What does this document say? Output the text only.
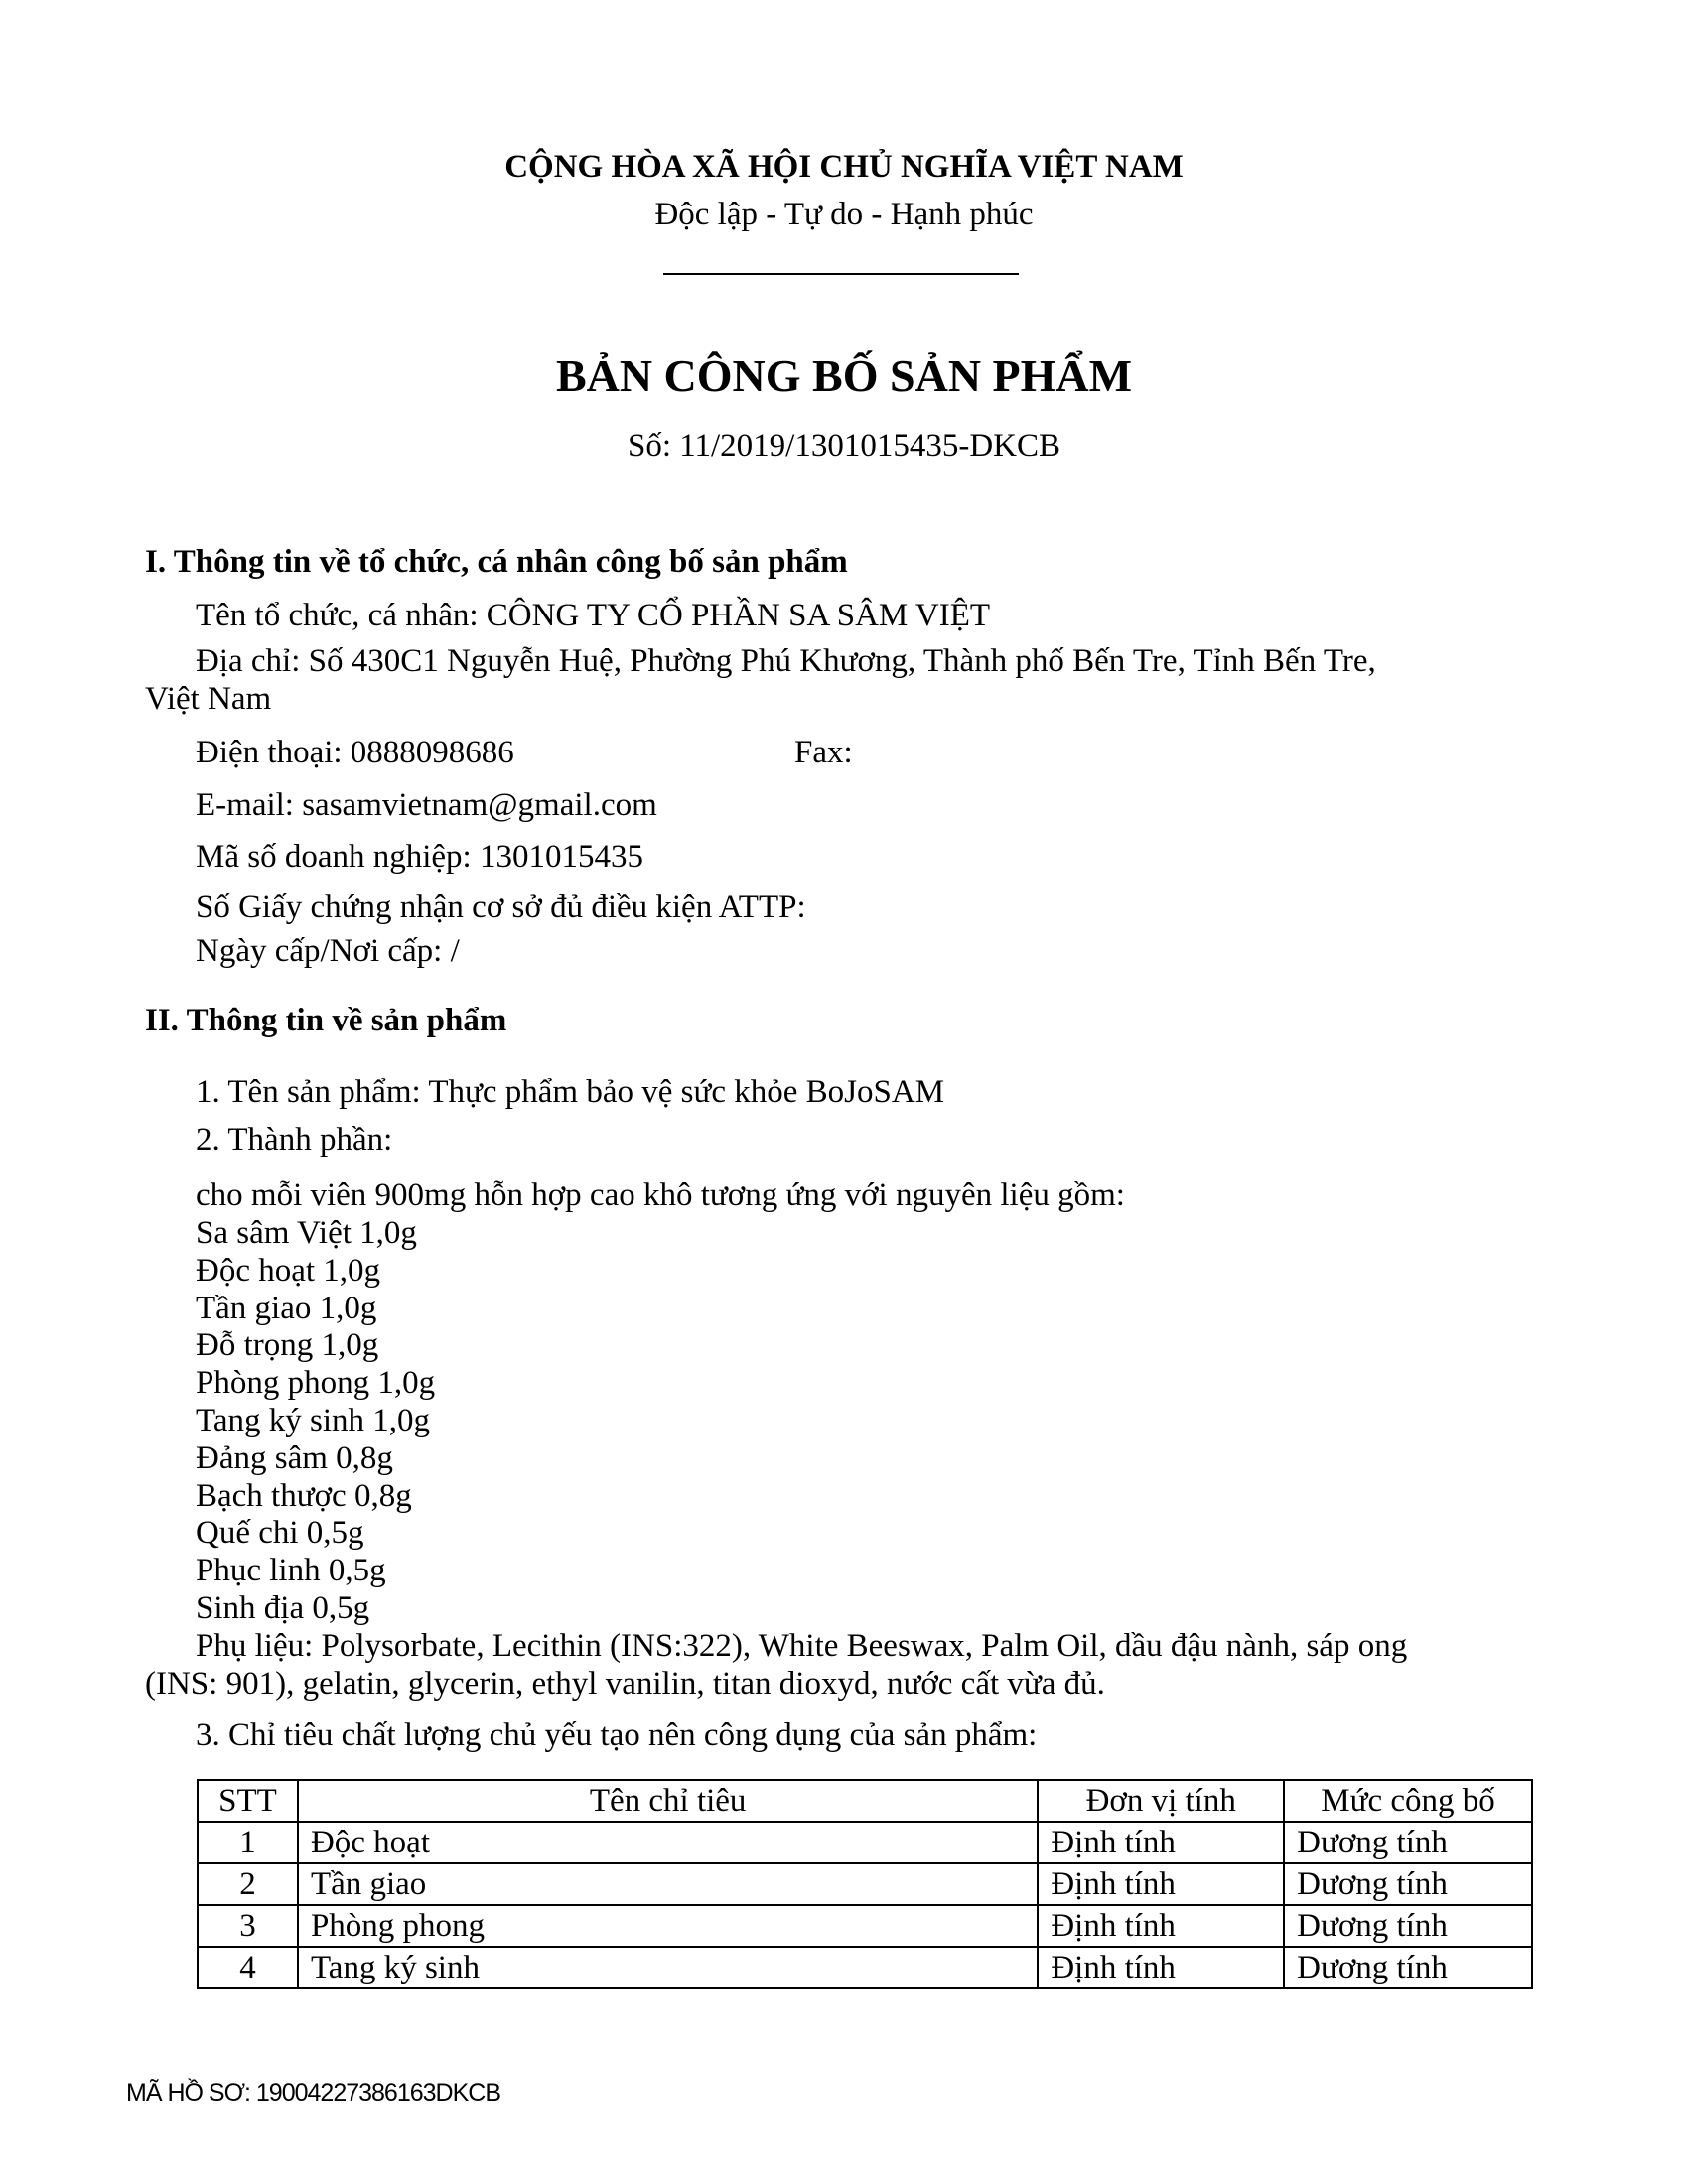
CỘNG HÒA XÃ HỘI CHỦ NGHĨA VIỆT NAM
Độc lập - Tự do - Hạnh phúc
BẢN CÔNG BỐ SẢN PHẨM
Số: 11/2019/1301015435-DKCB
I. Thông tin về tổ chức, cá nhân công bố sản phẩm
Tên tổ chức, cá nhân: CÔNG TY CỔ PHẦN SA SÂM VIỆT
Địa chỉ: Số 430C1 Nguyễn Huệ, Phường Phú Khương, Thành phố Bến Tre, Tỉnh Bến Tre,
Việt Nam
Điện thoại: 0888098686	Fax:
E-mail: sasamvietnam@gmail.com
Mã số doanh nghiệp: 1301015435
Số Giấy chứng nhận cơ sở đủ điều kiện ATTP:
Ngày cấp/Nơi cấp: /
II. Thông tin về sản phẩm
1. Tên sản phẩm: Thực phẩm bảo vệ sức khỏe BoJoSAM
2. Thành phần:
cho mỗi viên 900mg hỗn hợp cao khô tương ứng với nguyên liệu gồm:
Sa sâm Việt 1,0g
Độc hoạt 1,0g
Tần giao 1,0g
Đỗ trọng 1,0g
Phòng phong 1,0g
Tang ký sinh 1,0g
Đảng sâm 0,8g
Bạch thược 0,8g
Quế chi 0,5g
Phục linh 0,5g
Sinh địa 0,5g
Phụ liệu: Polysorbate, Lecithin (INS:322), White Beeswax, Palm Oil, dầu đậu nành, sáp ong
(INS: 901), gelatin, glycerin, ethyl vanilin, titan dioxyd, nước cất vừa đủ.
3. Chỉ tiêu chất lượng chủ yếu tạo nên công dụng của sản phẩm:
STT	Tên chỉ tiêu	Đơn vị tính	Mức công bố
1	Độc hoạt	Định tính	Dương tính
2	Tần giao	Định tính	Dương tính
3	Phòng phong	Định tính	Dương tính
4	Tang ký sinh	Định tính	Dương tính
MÃ HỒ SƠ: 19004227386163DKCB
